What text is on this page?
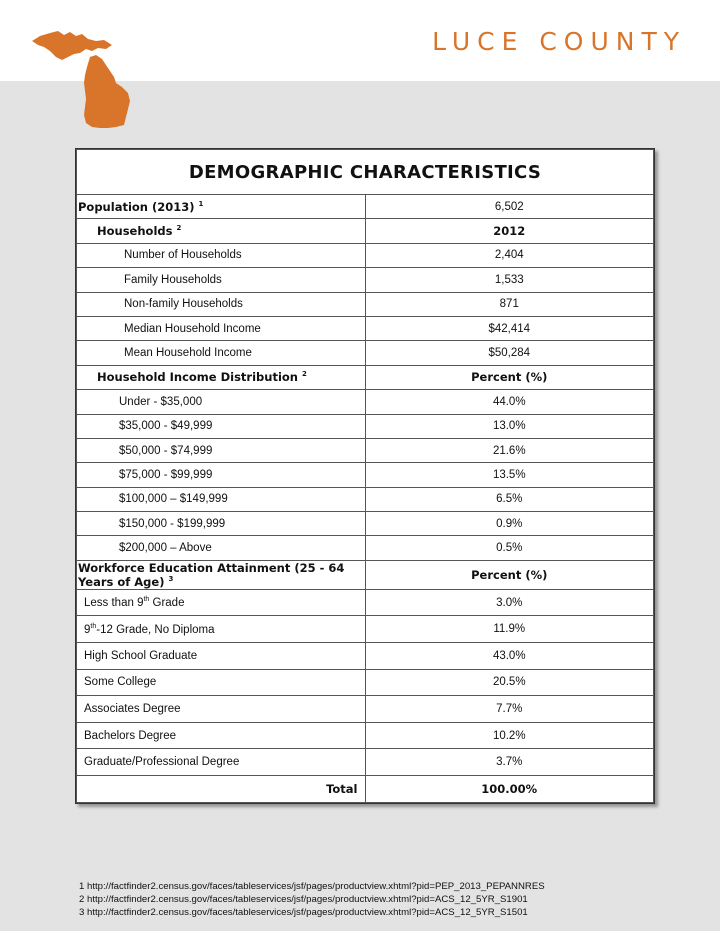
LUCE COUNTY
DEMOGRAPHIC CHARACTERISTICS	
Population (2013) $^1$	6,502
Households $^2$	2012
Number of Households	2,404
Family Households	1,533
Non-family Households	871
Median Household Income	$42,414
Mean Household Income	$50,284
Household Income Distribution $^2$	Percent (%)
Under - $35,000	44.0%
$35,000 - $49,999	13.0%
$50,000 - $74,999	21.6%
$75,000 - $99,999	13.5%
$100,000 – $149,999	6.5%
$150,000 - $199,999	0.9%
$200,000 – Above	0.5%
Workforce Education Attainment (25 - 64 Years of Age) $^3$	Percent (%)
Less than 9th Grade	3.0%
9th-12 Grade, No Diploma	11.9%
High School Graduate	43.0%
Some College	20.5%
Associates Degree	7.7%
Bachelors Degree	10.2%
Graduate/Professional Degree	3.7%
Total	100.00%
1 http://factfinder2.census.gov/faces/tableservices/jsf/pages/productview.xhtml?pid=PEP_2013_PEPANNRES
2 http://factfinder2.census.gov/faces/tableservices/jsf/pages/productview.xhtml?pid=ACS_12_5YR_S1901
3 http://factfinder2.census.gov/faces/tableservices/jsf/pages/productview.xhtml?pid=ACS_12_5YR_S1501
